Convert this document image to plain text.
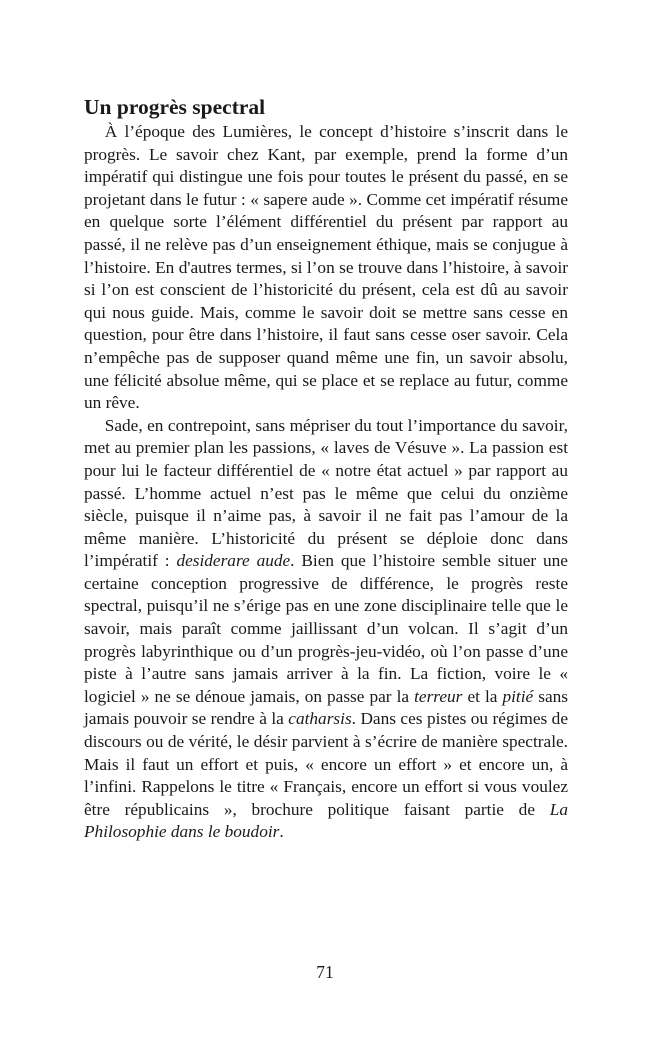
Un progrès spectral

À l’époque des Lumières, le concept d’histoire s’inscrit dans le progrès. Le savoir chez Kant, par exemple, prend la forme d’un impératif qui distingue une fois pour toutes le présent du passé, en se projetant dans le futur : « sapere aude ». Comme cet impératif résume en quelque sorte l’élément différentiel du présent par rapport au passé, il ne relève pas d’un enseignement éthique, mais se conjugue à l’histoire. En d'autres termes, si l’on se trouve dans l’histoire, à savoir si l’on est conscient de l’historicité du présent, cela est dû au savoir qui nous guide. Mais, comme le savoir doit se mettre sans cesse en question, pour être dans l’histoire, il faut sans cesse oser savoir. Cela n’empêche pas de supposer quand même une fin, un savoir absolu, une félicité absolue même, qui se place et se replace au futur, comme un rêve.

Sade, en contrepoint, sans mépriser du tout l’importance du savoir, met au premier plan les passions, « laves de Vésuve ». La passion est pour lui le facteur différentiel de « notre état actuel » par rapport au passé. L’homme actuel n’est pas le même que celui du onzième siècle, puisque il n’aime pas, à savoir il ne fait pas l’amour de la même manière. L’historicité du présent se déploie donc dans l’impératif : desiderare aude. Bien que l’histoire semble situer une certaine conception progressive de différence, le progrès reste spectral, puisqu’il ne s’érige pas en une zone disciplinaire telle que le savoir, mais paraît comme jaillissant d’un volcan. Il s’agit d’un progrès labyrinthique ou d’un progrès-jeu-vidéo, où l’on passe d’une piste à l’autre sans jamais arriver à la fin. La fiction, voire le « logiciel » ne se dénoue jamais, on passe par la terreur et la pitié sans jamais pouvoir se rendre à la catharsis. Dans ces pistes ou régimes de discours ou de vérité, le désir parvient à s’écrire de manière spectrale. Mais il faut un effort et puis, « encore un effort » et encore un, à l’infini. Rappelons le titre « Français, encore un effort si vous voulez être républicains », brochure politique faisant partie de La Philosophie dans le boudoir.

71
